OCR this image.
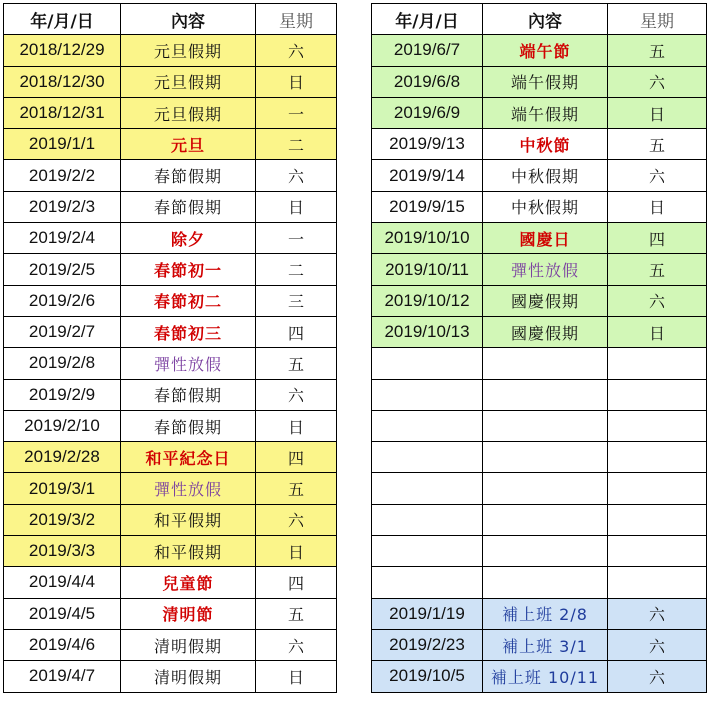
年/月/日	內容	星期
2018/12/29	元旦假期	六
2018/12/30	元旦假期	日
2018/12/31	元旦假期	一
2019/1/1	元旦	二
2019/2/2	春節假期	六
2019/2/3	春節假期	日
2019/2/4	除夕	一
2019/2/5	春節初一	二
2019/2/6	春節初二	三
2019/2/7	春節初三	四
2019/2/8	彈性放假	五
2019/2/9	春節假期	六
2019/2/10	春節假期	日
2019/2/28	和平紀念日	四
2019/3/1	彈性放假	五
2019/3/2	和平假期	六
2019/3/3	和平假期	日
2019/4/4	兒童節	四
2019/4/5	清明節	五
2019/4/6	清明假期	六
2019/4/7	清明假期	日
年/月/日	內容	星期
2019/6/7	端午節	五
2019/6/8	端午假期	六
2019/6/9	端午假期	日
2019/9/13	中秋節	五
2019/9/14	中秋假期	六
2019/9/15	中秋假期	日
2019/10/10	國慶日	四
2019/10/11	彈性放假	五
2019/10/12	國慶假期	六
2019/10/13	國慶假期	日

2019/1/19	補上班 2/8	六
2019/2/23	補上班 3/1	六
2019/10/5	補上班 10/11	六
